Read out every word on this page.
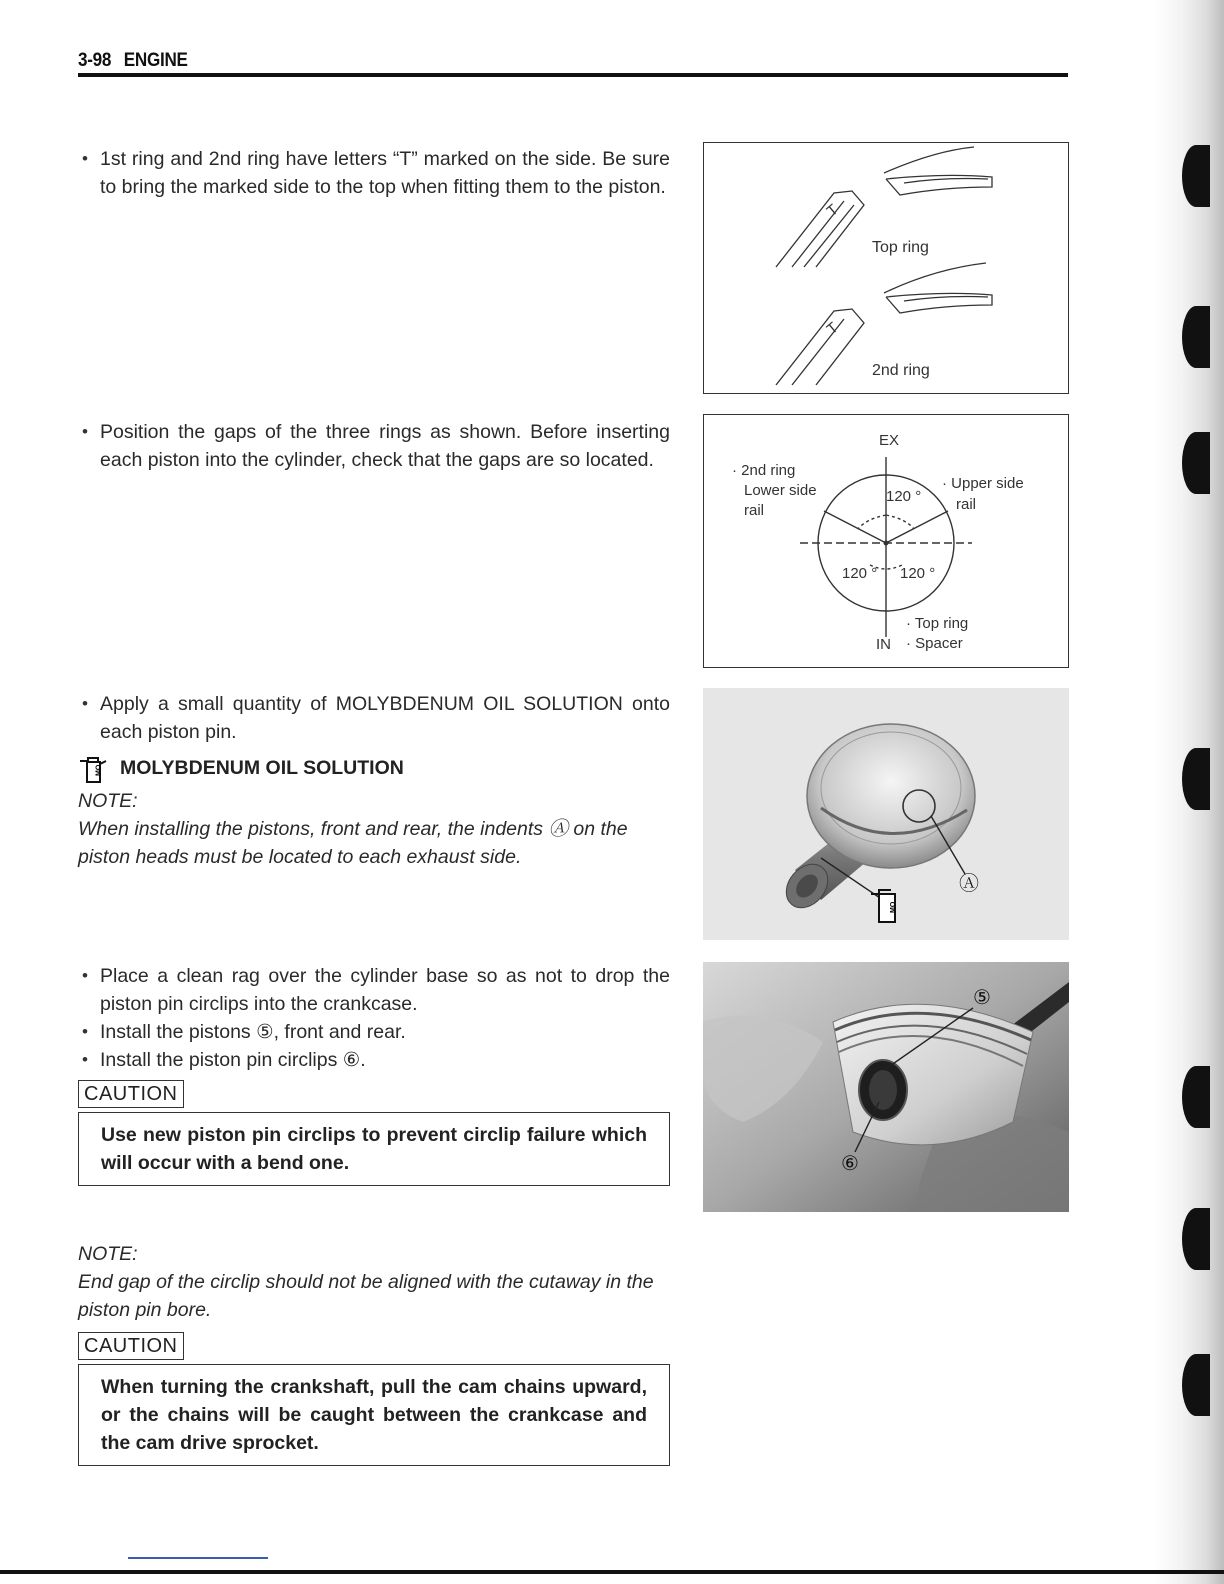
3-98 ENGINE
• 1st ring and 2nd ring have letters “T” marked on the side. Be sure to bring the marked side to the top when fitting them to the piston.
T
T
Top ring
2nd ring
• Position the gaps of the three rings as shown. Before inserting each piston into the cylinder, check that the gaps are so located.
EX
· 2nd ring
Lower side
rail
· Upper side
rail
120 °
120 ° 120 °
· Top ring
IN · Spacer
• Apply a small quantity of MOLYBDENUM OIL SOLUTION onto each piston pin.
MO MOLYBDENUM OIL SOLUTION
NOTE:
When installing the pistons, front and rear, the indents Ⓐ on the piston heads must be located to each exhaust side.
Ⓐ
MO
• Place a clean rag over the cylinder base so as not to drop the piston pin circlips into the crankcase.
• Install the pistons ⑤, front and rear.
• Install the piston pin circlips ⑥.
CAUTION
Use new piston pin circlips to prevent circlip failure which will occur with a bend one.
⑤
⑥
NOTE:
End gap of the circlip should not be aligned with the cutaway in the piston pin bore.
CAUTION
When turning the crankshaft, pull the cam chains upward, or the chains will be caught between the crankcase and the cam drive sprocket.
